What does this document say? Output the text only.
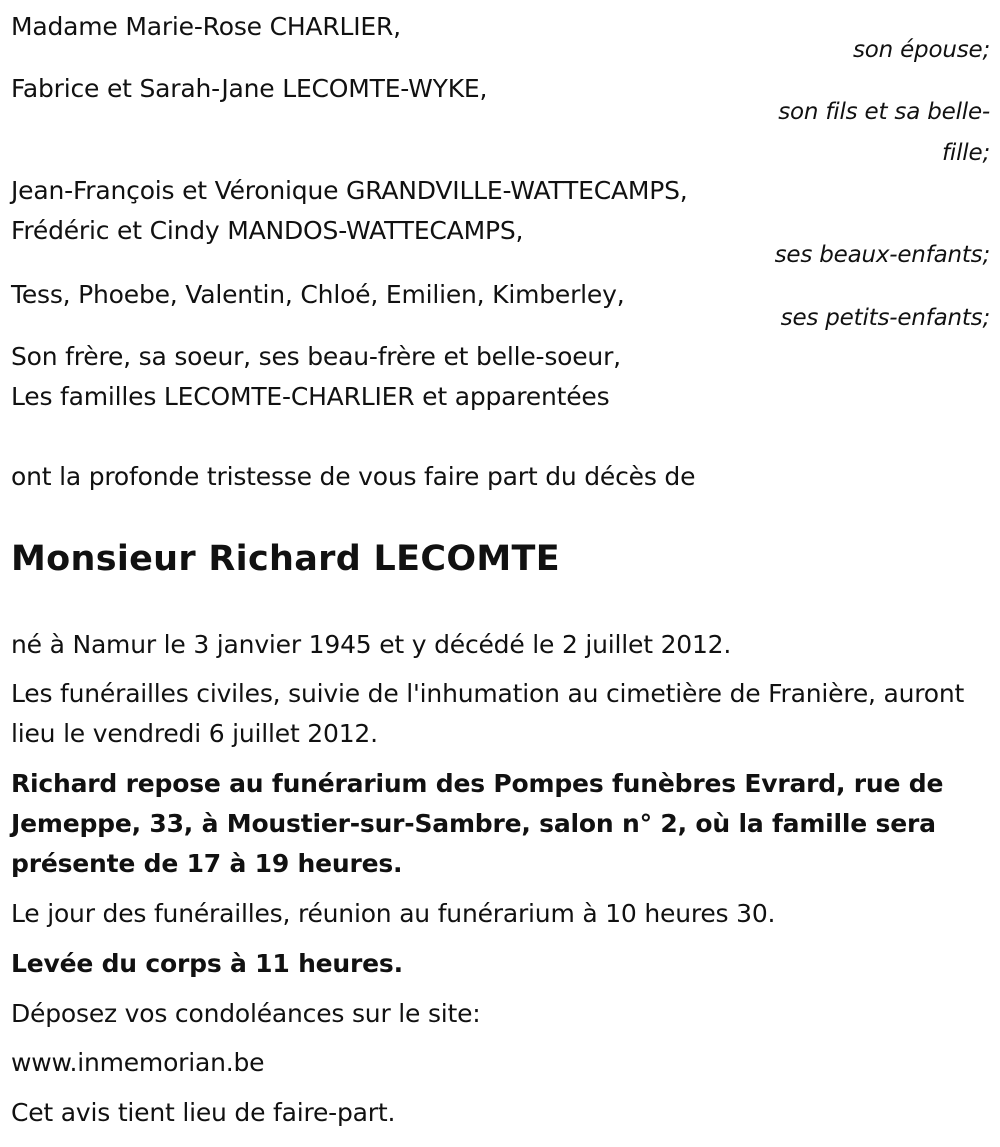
Madame Marie-Rose CHARLIER,
son épouse;
Fabrice et Sarah-Jane LECOMTE-WYKE,
son fils et sa belle-
fille;
Jean-François et Véronique GRANDVILLE-WATTECAMPS,
Frédéric et Cindy MANDOS-WATTECAMPS,
ses beaux-enfants;
Tess, Phoebe, Valentin, Chloé, Emilien, Kimberley,
ses petits-enfants;
Son frère, sa soeur, ses beau-frère et belle-soeur,
Les familles LECOMTE-CHARLIER et apparentées
ont la profonde tristesse de vous faire part du décès de
Monsieur Richard LECOMTE
né à Namur le 3 janvier 1945 et y décédé le 2 juillet 2012.
Les funérailles civiles, suivie de l'inhumation au cimetière de Franière, auront lieu le vendredi 6 juillet 2012.
Richard repose au funérarium des Pompes funèbres Evrard, rue de Jemeppe, 33, à Moustier-sur-Sambre, salon n° 2, où la famille sera présente de 17 à 19 heures.
Le jour des funérailles, réunion au funérarium à 10 heures 30.
Levée du corps à 11 heures.
Déposez vos condoléances sur le site:
www.inmemorian.be
Cet avis tient lieu de faire-part.
